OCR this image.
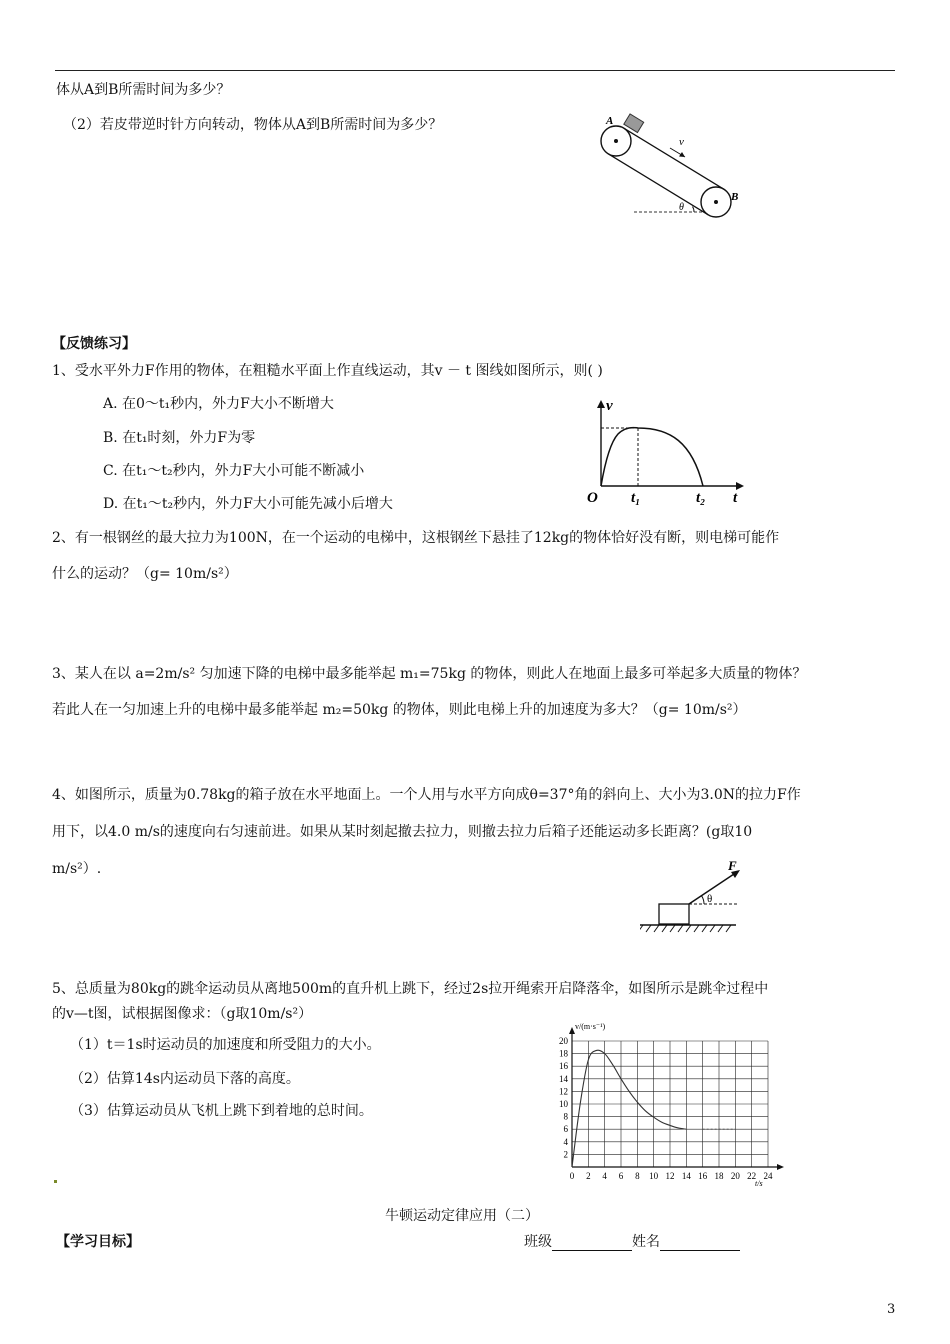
体从A到B所需时间为多少？
（2）若皮带逆时针方向转动，物体从A到B所需时间为多少？	A
B
v
θ
【反馈练习】
1、受水平外力F作用的物体，在粗糙水平面上作直线运动，其v － t 图线如图所示，则( )
A. 在0～t₁秒内，外力F大小不断增大
B. 在t₁时刻，外力F为零
C. 在t₁～t₂秒内，外力F大小可能不断减小
D. 在t₁～t₂秒内，外力F大小可能先减小后增大
v
O t₁	t₂ t
2、有一根钢丝的最大拉力为100N，在一个运动的电梯中，这根钢丝下悬挂了12kg的物体恰好没有断，则电梯可能作
什么的运动？（g= 10m/s²）
3、某人在以 a=2m/s² 匀加速下降的电梯中最多能举起 m₁=75kg 的物体，则此人在地面上最多可举起多大质量的物体？
若此人在一匀加速上升的电梯中最多能举起 m₂=50kg 的物体，则此电梯上升的加速度为多大？（g= 10m/s²）
4、如图所示，质量为0.78kg的箱子放在水平地面上。一个人用与水平方向成θ=37°角的斜向上、大小为3.0N的拉力F作
用下，以4.0 m/s的速度向右匀速前进。如果从某时刻起撤去拉力，则撤去拉力后箱子还能运动多长距离？(g取10
m/s²）.	F
θ
5、总质量为80kg的跳伞运动员从离地500m的直升机上跳下，经过2s拉开绳索开启降落伞，如图所示是跳伞过程中
的v—t图，试根据图像求：（g取10m/s²）
（1）t＝1s时运动员的加速度和所受阻力的大小。
（2）估算14s内运动员下落的高度。
（3）估算运动员从飞机上跳下到着地的总时间。
0 2 4 6 8 10 12 14 16 18 20 22 24
2
4
6
8
10
12
14
16
18
20
v/(m·s⁻¹)
t/s
牛顿运动定律应用（二）
【学习目标】	班级	姓名
3
